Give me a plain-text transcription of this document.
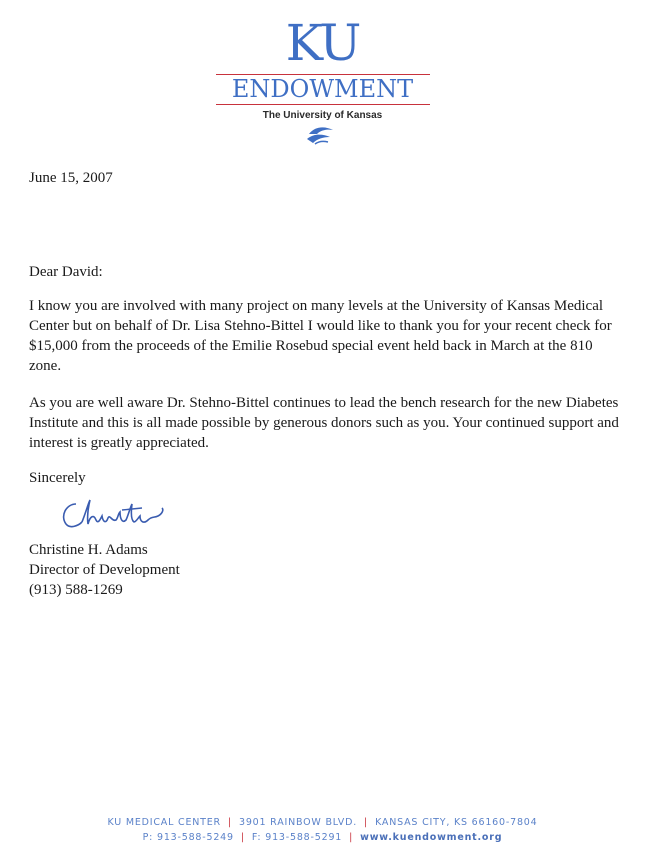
KU
ENDOWMENT
The University of Kansas
June 15, 2007
Dear David:
I know you are involved with many project on many levels at the University of Kansas Medical Center but on behalf of Dr. Lisa Stehno-Bittel I would like to thank you for your recent check for $15,000 from the proceeds of the Emilie Rosebud special event held back in March at the 810 zone.
As you are well aware Dr. Stehno-Bittel continues to lead the bench research for the new Diabetes Institute and this is all made possible by generous donors such as you. Your continued support and interest is greatly appreciated.
Sincerely
Christine H. Adams
Director of Development
(913) 588-1269
KU MEDICAL CENTER | 3901 RAINBOW BLVD. | KANSAS CITY, KS 66160-7804
P: 913-588-5249 | F: 913-588-5291 | www.kuendowment.org
